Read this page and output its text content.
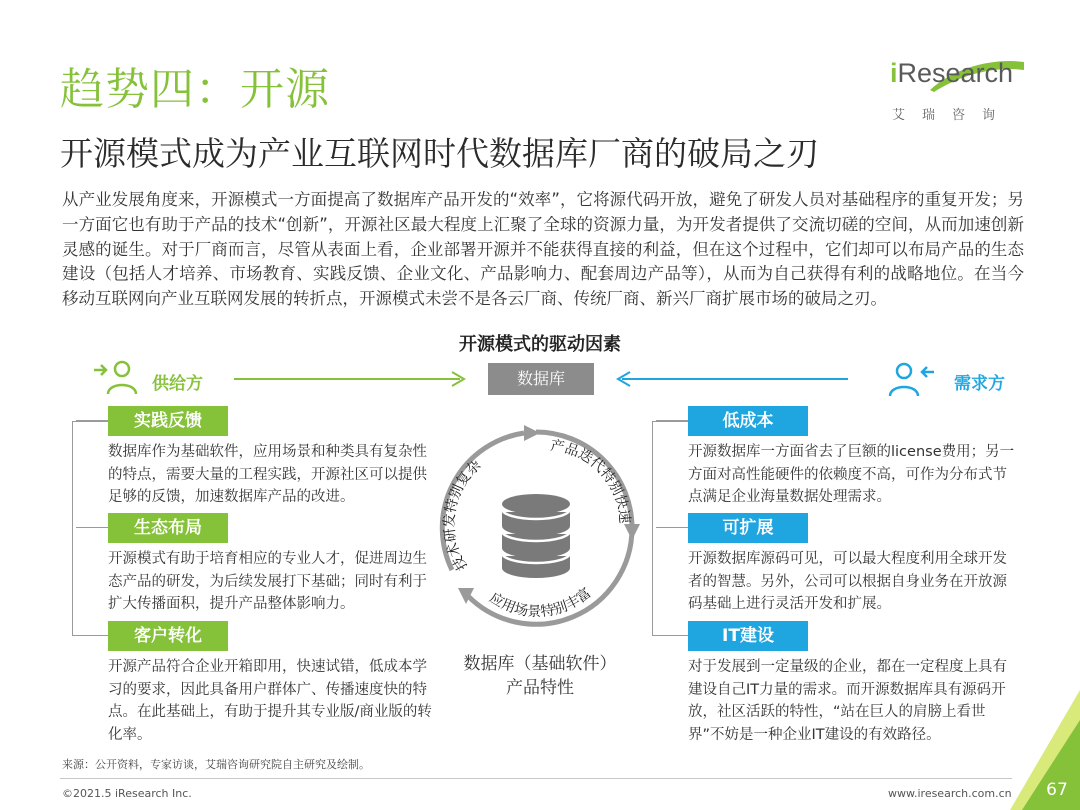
趋势四：开源
开源模式成为产业互联网时代数据库厂商的破局之刃
iResearch
艾瑞咨询
从产业发展角度来，开源模式一方面提高了数据库产品开发的“效率”，它将源代码开放，避免了研发人员对基础程序的重复开发；另一方面它也有助于产品的技术“创新”，开源社区最大程度上汇聚了全球的资源力量，为开发者提供了交流切磋的空间，从而加速创新灵感的诞生。对于厂商而言，尽管从表面上看，企业部署开源并不能获得直接的利益，但在这个过程中，它们却可以布局产品的生态建设（包括人才培养、市场教育、实践反馈、企业文化、产品影响力、配套周边产品等），从而为自己获得有利的战略地位。在当今移动互联网向产业互联网发展的转折点，开源模式未尝不是各云厂商、传统厂商、新兴厂商扩展市场的破局之刃。
开源模式的驱动因素
供给方	数据库	需求方
实践反馈
数据库作为基础软件，应用场景和种类具有复杂性的特点，需要大量的工程实践，开源社区可以提供足够的反馈，加速数据库产品的改进。
生态布局
开源模式有助于培育相应的专业人才，促进周边生态产品的研发，为后续发展打下基础；同时有利于扩大传播面积，提升产品整体影响力。
客户转化
开源产品符合企业开箱即用，快速试错，低成本学习的要求，因此具备用户群体广、传播速度快的特点。在此基础上，有助于提升其专业版/商业版的转化率。
低成本
开源数据库一方面省去了巨额的license费用；另一方面对高性能硬件的依赖度不高，可作为分布式节点满足企业海量数据处理需求。
可扩展
开源数据库源码可见，可以最大程度利用全球开发者的智慧。另外，公司可以根据自身业务在开放源码基础上进行灵活开发和扩展。
IT建设
对于发展到一定量级的企业，都在一定程度上具有建设自己IT力量的需求。而开源数据库具有源码开放，社区活跃的特性，“站在巨人的肩膀上看世界”不妨是一种企业IT建设的有效路径。
技术研发特别复杂
产品迭代特别快速
应用场景特别丰富
数据库（基础软件）
产品特性
来源：公开资料，专家访谈，艾瑞咨询研究院自主研究及绘制。
©2021.5 iResearch Inc.	www.iresearch.com.cn	67
